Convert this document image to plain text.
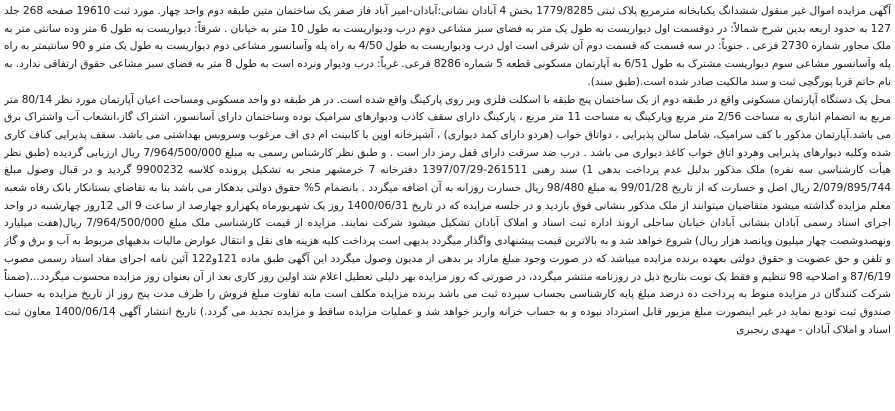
آگهی مزایده اموال غیر منقول ششدانگ یکبابخانه مترمربع پلاک ثبتی 1779/8285 بخش 4 آبادان نشانی:آبادان-امیر آباد فاز صفر یک ساختمان متین طبقه دوم واحد چهار. مورد ثبت 19610 صفحه 268 جلد 127 به حدود اربعه بدین شرح شمالاً: در دوقسمت اول دیواریست به طول یک متر به فضای سبز مشاعی دوم درب ودیواریست به طول 10 متر به خیابان . شرقاً: دیواریست به طول 6 متر وده سانتی متر به ملک مجاور شماره 2730 فرعی . جنوباً: در سه قسمت که قسمت دوم آن شرقی است اول درب ودیواریست به طول 4/50 به راه پله وآسانسور مشاعی دوم دیواریست به طول یک متر و 90 سانتیمتر به راه پله وآسانسور مشاعی سوم دیواریست مشترک به طول 6/51 به آپارتمان مسکونی قطعه 5 شماره 8286 فرعی. غرباً: درب ودیوار ونرده است به طول 8 متر به فضای سبز مشاعی حقوق ارتفاقی ندارد. به نام حاتم قربا پورگچی ثبت و سند مالکیت صادر شده است.(طبق سند).

محل یک دستگاه آپارتمان مسکونی واقع در طبقه دوم از یک ساختمان پنج طبقه با اسکلت فلزی وبر روی پارکینگ واقع شده است. در هر طبقه دو واحد مسکونی ومساحت اعیان آپارتمان مورد نظر 80/14 متر مربع به انضمام انباری به مساحت 2/56 متر مربع وپارکینگ به مساحت 11 متر مربع ، پارکینگ دارای سقف کاذب ودیوارهای سرامیک بوده وساختمان دارای آسانسور، اشتراک گاز،انشعاب آب واشتراک برق می باشد.آپارتمان مذکور با کف سرامیک، شامل سالن پذیرایی ، دواتاق خواب (هردو دارای کمد دیواری) ، آشپزخانه اوپن با کابینت ام دی اف مرغوب وسرویس بهداشتی می باشد. سقف پذیرایی کناف کاری شده وکلیه دیوارهای پذیرایی وهردو اتاق خواب کاغذ دیواری می باشد . درب ضد سرقت دارای قفل رمز دار است . و طبق نظر کارشناس رسمی به مبلغ 7/964/500/000 ریال ارزیابی گردیده (طبق نظر هیأت کارشناسی سه نفره) ملک مذکور بدلیل عدم پرداخت بدهی 1) سند رهنی 261511-1397/07/29 دفترخانه 7 خرمشهر منجر به تشکیل پرونده کلاسه 9900232 گردید و در قبال وصول مبلغ 2/079/895/744 ریال اصل و خسارت که از تاریخ 99/01/28 به مبلغ 98/480 ریال خسارت روزانه به آن اضافه میگردد . بانضمام 5% حقوق دولتی بدهکار می باشد بنا به تقاضای بستانکار بانک رفاه شعبه معلم مزایده گذاشته میشود متقاضیان میتوانند از ملک مذکور بنشانی فوق بازدید و در جلسه مزایده که در تاریخ 1400/06/31 روز یک شهریورماه پکهزارو چهارصد از ساعت 9 الی 12روز چهارشنبه در واحد اجرای اسناد رسمی آبادان بنشانی آبادان خیابان ساحلی اروند اداره ثبت اسناد و املاک آبادان تشکیل میشود شرکت نمایند. مزایده از قیمت کارشناسی ملک مبلغ 7/964/500/000 ریال(هفت میلیارد ونهصدوشصت چهار میلیون وپانصد هزار ریال) شروع خواهد شد و به بالاترین قیمت پیشنهادی واگذار میگردد بدیهی است پرداخت کلیه هزینه های نقل و انتقال عوارض مالیات بدهیهای مربوط به آب و برق و گاز و تلفن و حق عضویت و حقوق دولتی بعهده برنده مزایده میباشد که در صورت وجود مبلغ مازاد بر بدهی از مدیون وصول میگردد این آگهی طبق ماده 121و122 آئین نامه اجرای مفاد اسناد رسمی مصوب 87/6/19 و اصلاحیه 98 تنظیم و فقط یک نوبت بتاریخ ذیل در روزنامه منتشر میگردد، در صورتی که روز مزایده بهر دلیلی تعطیل اعلام شد اولین روز کاری بعد از آن بعنوان روز مزایده محسوب میگردد...(ضمناً شرکت کنندگان در مزایده منوط به پرداخت ده درصد مبلغ پایه کارشناسی بحساب سپرده ثبت می باشد برنده مزایده مکلف است مابه تفاوت مبلغ فروش را ظرف مدت پنج روز از تاریخ مزایده به حساب صندوق ثبت تودیع نماید در غیر اینصورت مبلغ مزبور قابل استرداد نبوده و به حساب خزانه واریز خواهد شد و عملیات مزایده ساقط و مزایده تجدید می گردد.) تاریخ انتشار آگهی 1400/06/14 معاون ثبت اسناد و املاک آبادان - مهدی رنجبری
